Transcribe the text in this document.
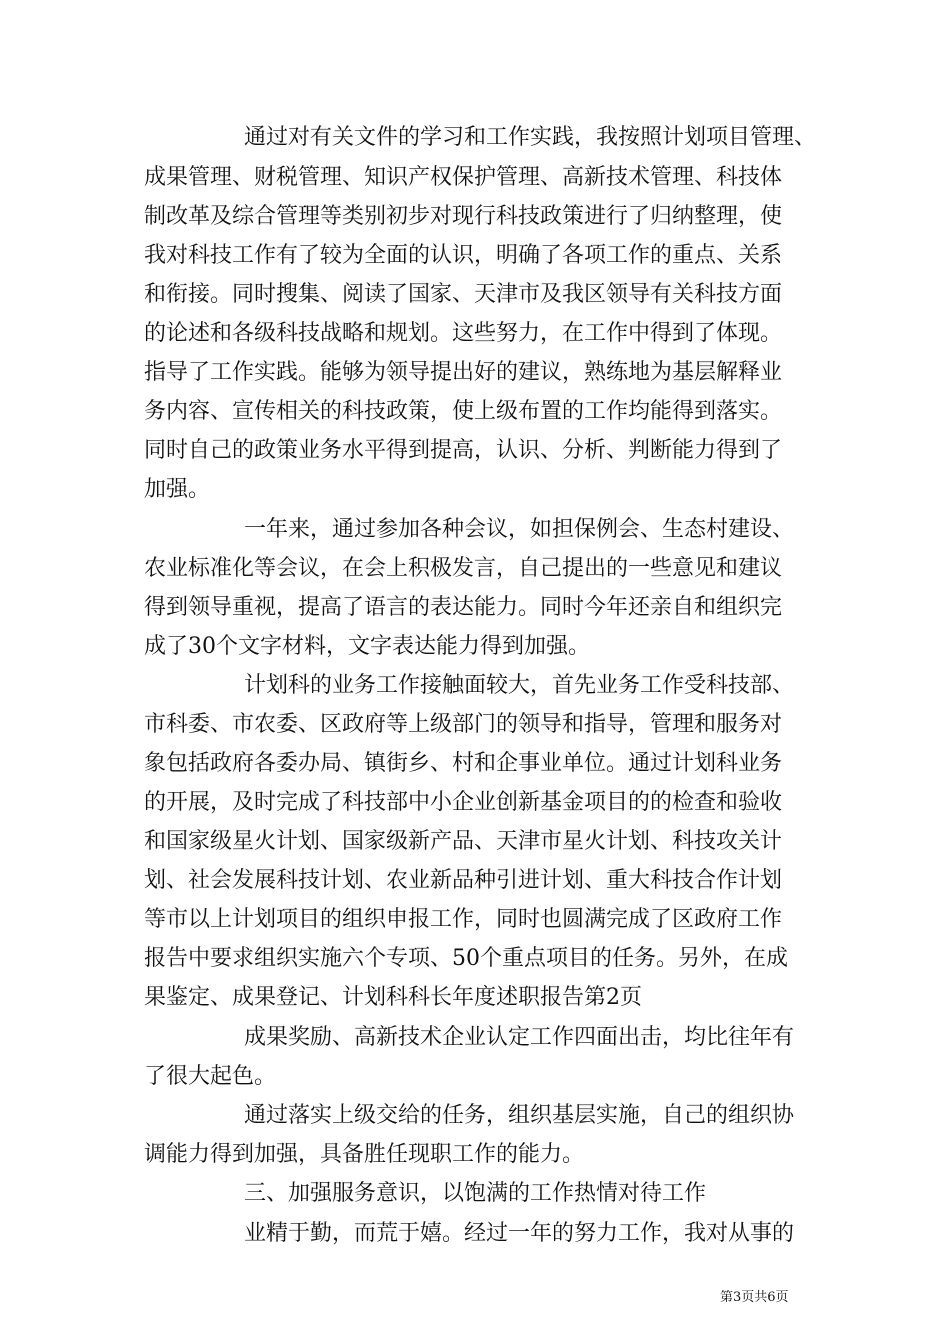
通过对有关文件的学习和工作实践，我按照计划项目管理、
成果管理、财税管理、知识产权保护管理、高新技术管理、科技体
制改革及综合管理等类别初步对现行科技政策进行了归纳整理，使
我对科技工作有了较为全面的认识，明确了各项工作的重点、关系
和衔接。同时搜集、阅读了国家、天津市及我区领导有关科技方面
的论述和各级科技战略和规划。这些努力，在工作中得到了体现。
指导了工作实践。能够为领导提出好的建议，熟练地为基层解释业
务内容、宣传相关的科技政策，使上级布置的工作均能得到落实。
同时自己的政策业务水平得到提高，认识、分析、判断能力得到了
加强。
一年来，通过参加各种会议，如担保例会、生态村建设、
农业标准化等会议，在会上积极发言，自己提出的一些意见和建议
得到领导重视，提高了语言的表达能力。同时今年还亲自和组织完
成了30个文字材料，文字表达能力得到加强。
计划科的业务工作接触面较大，首先业务工作受科技部、
市科委、市农委、区政府等上级部门的领导和指导，管理和服务对
象包括政府各委办局、镇街乡、村和企事业单位。通过计划科业务
的开展，及时完成了科技部中小企业创新基金项目的的检查和验收
和国家级星火计划、国家级新产品、天津市星火计划、科技攻关计
划、社会发展科技计划、农业新品种引进计划、重大科技合作计划
等市以上计划项目的组织申报工作，同时也圆满完成了区政府工作
报告中要求组织实施六个专项、50个重点项目的任务。另外，在成
果鉴定、成果登记、计划科科长年度述职报告第2页
成果奖励、高新技术企业认定工作四面出击，均比往年有
了很大起色。
通过落实上级交给的任务，组织基层实施，自己的组织协
调能力得到加强，具备胜任现职工作的能力。
三、加强服务意识，以饱满的工作热情对待工作
业精于勤，而荒于嬉。经过一年的努力工作，我对从事的
第3页共6页
